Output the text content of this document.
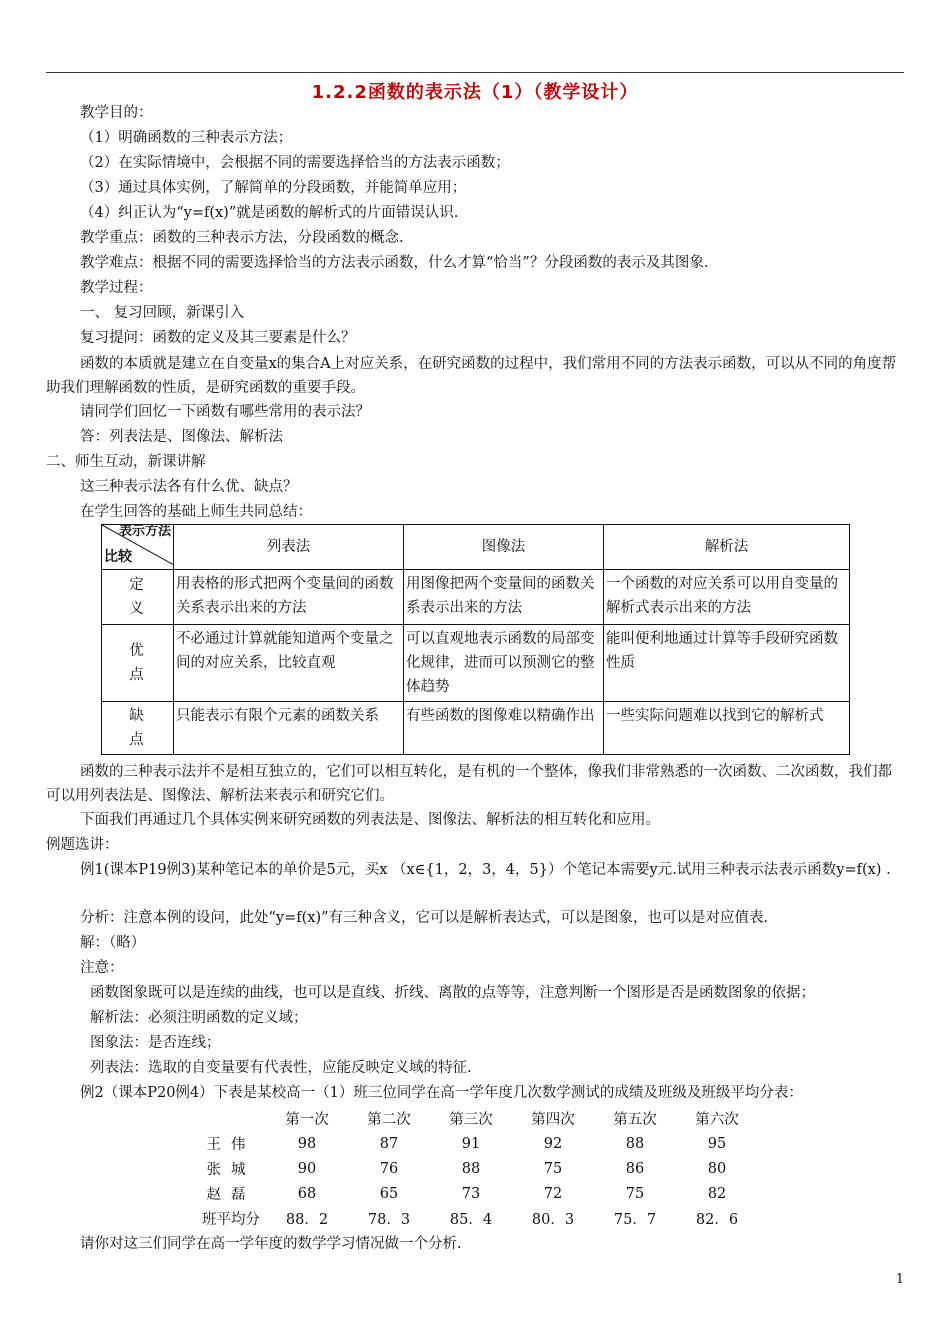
1.2.2函数的表示法（1）（教学设计）
教学目的：
（1）明确函数的三种表示方法；
（2）在实际情境中，会根据不同的需要选择恰当的方法表示函数；
（3）通过具体实例，了解简单的分段函数，并能简单应用；
（4）纠正认为“y=f(x)”就是函数的解析式的片面错误认识.
教学重点：函数的三种表示方法，分段函数的概念.
教学难点：根据不同的需要选择恰当的方法表示函数，什么才算“恰当”？分段函数的表示及其图象.
教学过程：
一、 复习回顾，新课引入
复习提问：函数的定义及其三要素是什么？
函数的本质就是建立在自变量x的集合A上对应关系，在研究函数的过程中，我们常用不同的方法表示函数，可以从不同的角度帮助我们理解函数的性质，是研究函数的重要手段。
请同学们回忆一下函数有哪些常用的表示法？
答：列表法是、图像法、解析法
二、师生互动，新课讲解
这三种表示法各有什么优、缺点？
在学生回答的基础上师生共同总结：
表示方法
比较	列表法	图像法	解析法
定义	用表格的形式把两个变量间的函数关系表示出来的方法	用图像把两个变量间的函数关系表示出来的方法	一个函数的对应关系可以用自变量的解析式表示出来的方法
优点	不必通过计算就能知道两个变量之间的对应关系，比较直观	可以直观地表示函数的局部变化规律，进而可以预测它的整体趋势	能叫便利地通过计算等手段研究函数性质
缺点	只能表示有限个元素的函数关系	有些函数的图像难以精确作出	一些实际问题难以找到它的解析式
函数的三种表示法并不是相互独立的，它们可以相互转化，是有机的一个整体，像我们非常熟悉的一次函数、二次函数，我们都可以用列表法是、图像法、解析法来表示和研究它们。
下面我们再通过几个具体实例来研究函数的列表法是、图像法、解析法的相互转化和应用。
例题选讲：
例1(课本P19例3)某种笔记本的单价是5元，买x （x∈{1，2，3，4，5}）个笔记本需要y元.试用三种表示法表示函数y=f(x) .
分析：注意本例的设问，此处“y=f(x)”有三种含义，它可以是解析表达式，可以是图象，也可以是对应值表.
解：（略）
注意：
函数图象既可以是连续的曲线，也可以是直线、折线、离散的点等等，注意判断一个图形是否是函数图象的依据；
解析法：必须注明函数的定义域；
图象法：是否连线；
列表法：选取的自变量要有代表性，应能反映定义域的特征.
例2（课本P20例4）下表是某校高一（1）班三位同学在高一学年度几次数学测试的成绩及班级及班级平均分表：
	第一次	第二次	第三次	第四次	第五次	第六次
王伟	98	87	91	92	88	95
张城	90	76	88	75	86	80
赵磊	68	65	73	72	75	82
班平均分	88．2	78．3	85．4	80．3	75．7	82．6
请你对这三们同学在高一学年度的数学学习情况做一个分析.
1
